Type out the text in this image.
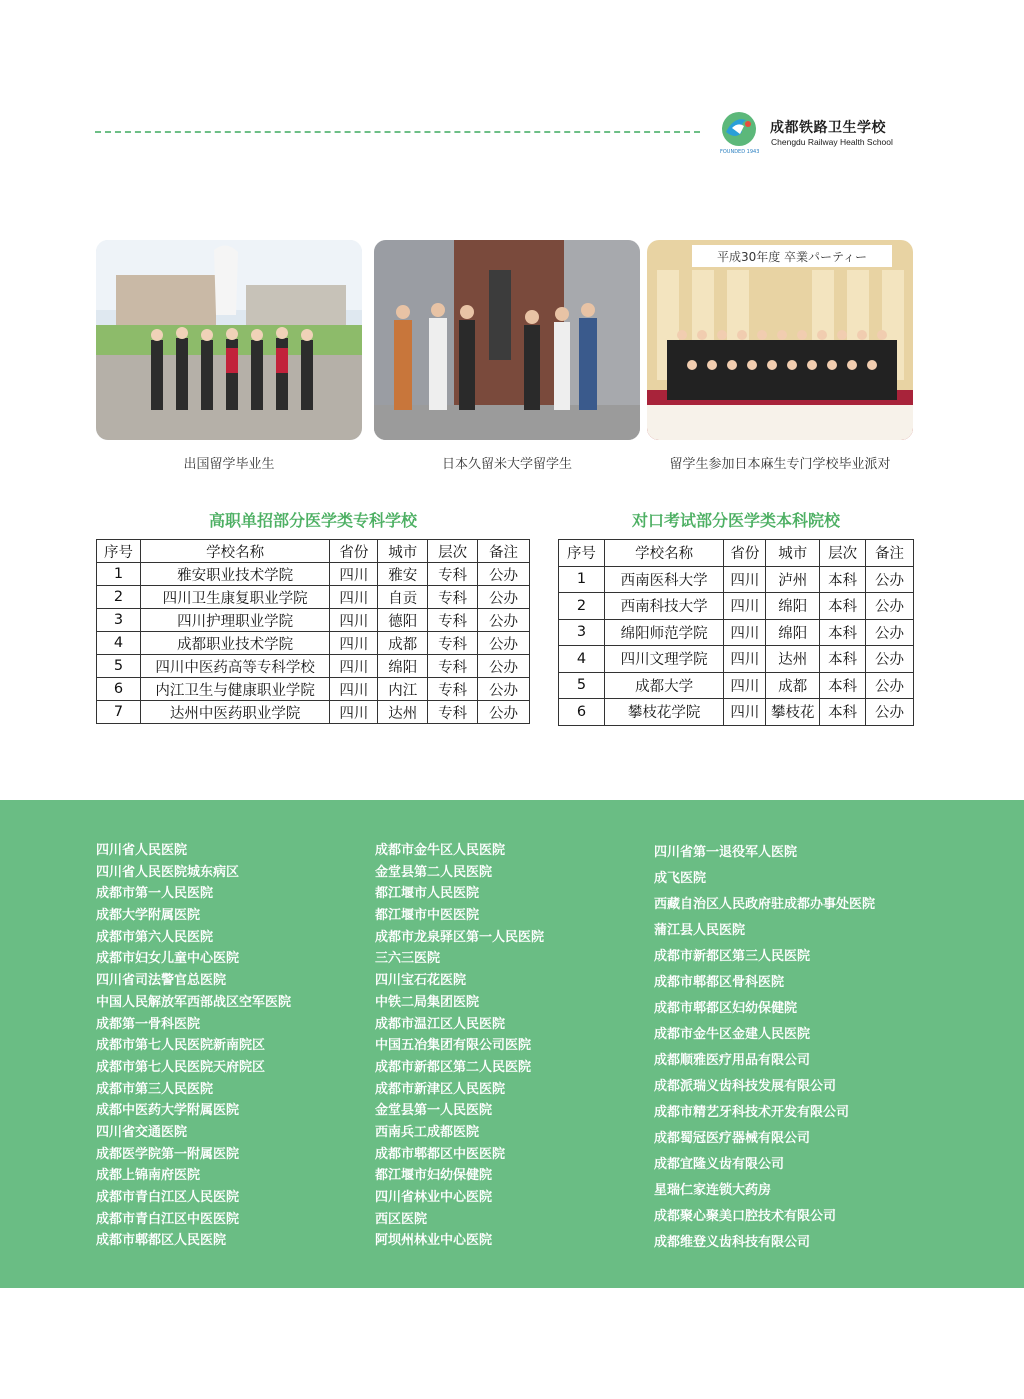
成都铁路卫生学校
Chengdu Railway Health School
FOUNDED 1943
平成30年度 卒業パーティー
出国留学毕业生	日本久留米大学留学生	留学生参加日本麻生专门学校毕业派对
高职单招部分医学类专科学校
序号	学校名称	省份	城市	层次	备注
1	雅安职业技术学院	四川	雅安	专科	公办
2	四川卫生康复职业学院	四川	自贡	专科	公办
3	四川护理职业学院	四川	德阳	专科	公办
4	成都职业技术学院	四川	成都	专科	公办
5	四川中医药高等专科学校	四川	绵阳	专科	公办
6	内江卫生与健康职业学院	四川	内江	专科	公办
7	达州中医药职业学院	四川	达州	专科	公办
对口考试部分医学类本科院校
序号	学校名称	省份	城市	层次	备注
1	西南医科大学	四川	泸州	本科	公办
2	西南科技大学	四川	绵阳	本科	公办
3	绵阳师范学院	四川	绵阳	本科	公办
4	四川文理学院	四川	达州	本科	公办
5	成都大学	四川	成都	本科	公办
6	攀枝花学院	四川	攀枝花	本科	公办
四川省人民医院
四川省人民医院城东病区
成都市第一人民医院
成都大学附属医院
成都市第六人民医院
成都市妇女儿童中心医院
四川省司法警官总医院
中国人民解放军西部战区空军医院
成都第一骨科医院
成都市第七人民医院新南院区
成都市第七人民医院天府院区
成都市第三人民医院
成都中医药大学附属医院
四川省交通医院
成都医学院第一附属医院
成都上锦南府医院
成都市青白江区人民医院
成都市青白江区中医医院
成都市郫都区人民医院
成都市金牛区人民医院
金堂县第二人民医院
都江堰市人民医院
都江堰市中医医院
成都市龙泉驿区第一人民医院
三六三医院
四川宝石花医院
中铁二局集团医院
成都市温江区人民医院
中国五冶集团有限公司医院
成都市新都区第二人民医院
成都市新津区人民医院
金堂县第一人民医院
西南兵工成都医院
成都市郫都区中医医院
都江堰市妇幼保健院
四川省林业中心医院
西区医院
阿坝州林业中心医院
四川省第一退役军人医院
成飞医院
西藏自治区人民政府驻成都办事处医院
蒲江县人民医院
成都市新都区第三人民医院
成都市郫都区骨科医院
成都市郫都区妇幼保健院
成都市金牛区金建人民医院
成都顺雅医疗用品有限公司
成都派瑞义齿科技发展有限公司
成都市精艺牙科技术开发有限公司
成都蜀冠医疗器械有限公司
成都宜隆义齿有限公司
星瑞仁家连锁大药房
成都聚心聚美口腔技术有限公司
成都维登义齿科技有限公司
